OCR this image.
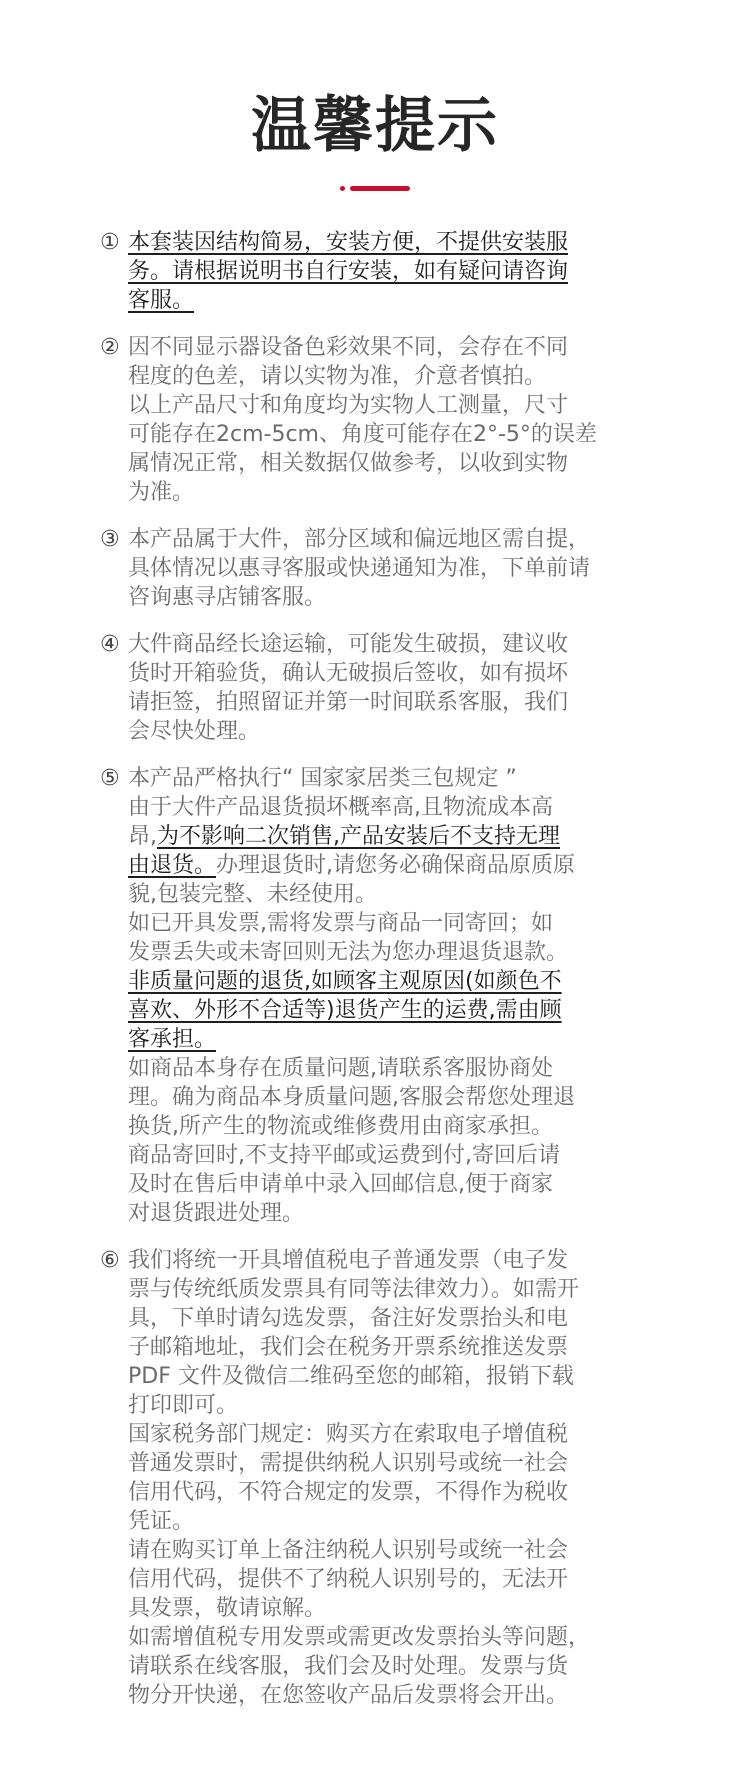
温馨提示
① 本套装因结构简易，安装方便，不提供安装服
务。请根据说明书自行安装，如有疑问请咨询
客服。
② 因不同显示器设备色彩效果不同，会存在不同
程度的色差，请以实物为准，介意者慎拍。
以上产品尺寸和角度均为实物人工测量，尺寸
可能存在2cm-5cm、角度可能存在2°-5°的误差
属情况正常，相关数据仅做参考，以收到实物
为准。
③ 本产品属于大件，部分区域和偏远地区需自提，
具体情况以惠寻客服或快递通知为准，下单前请
咨询惠寻店铺客服。
④ 大件商品经长途运输，可能发生破损，建议收
货时开箱验货，确认无破损后签收，如有损坏
请拒签，拍照留证并第一时间联系客服，我们
会尽快处理。
⑤ 本产品严格执行“ 国家家居类三包规定 ”
由于大件产品退货损坏概率高,且物流成本高
昂,为不影响二次销售,产品安装后不支持无理
由退货。办理退货时,请您务必确保商品原质原
貌,包装完整、未经使用。
如已开具发票,需将发票与商品一同寄回；如
发票丢失或未寄回则无法为您办理退货退款。
非质量问题的退货,如顾客主观原因(如颜色不
喜欢、外形不合适等)退货产生的运费,需由顾
客承担。
如商品本身存在质量问题,请联系客服协商处
理。确为商品本身质量问题,客服会帮您处理退
换货,所产生的物流或维修费用由商家承担。
商品寄回时,不支持平邮或运费到付,寄回后请
及时在售后申请单中录入回邮信息,便于商家
对退货跟进处理。
⑥ 我们将统一开具增值税电子普通发票（电子发
票与传统纸质发票具有同等法律效力）。如需开
具，下单时请勾选发票，备注好发票抬头和电
子邮箱地址，我们会在税务开票系统推送发票
PDF 文件及微信二维码至您的邮箱，报销下载
打印即可。
国家税务部门规定：购买方在索取电子增值税
普通发票时，需提供纳税人识别号或统一社会
信用代码，不符合规定的发票，不得作为税收
凭证。
请在购买订单上备注纳税人识别号或统一社会
信用代码，提供不了纳税人识别号的，无法开
具发票，敬请谅解。
如需增值税专用发票或需更改发票抬头等问题，
请联系在线客服，我们会及时处理。发票与货
物分开快递，在您签收产品后发票将会开出。
